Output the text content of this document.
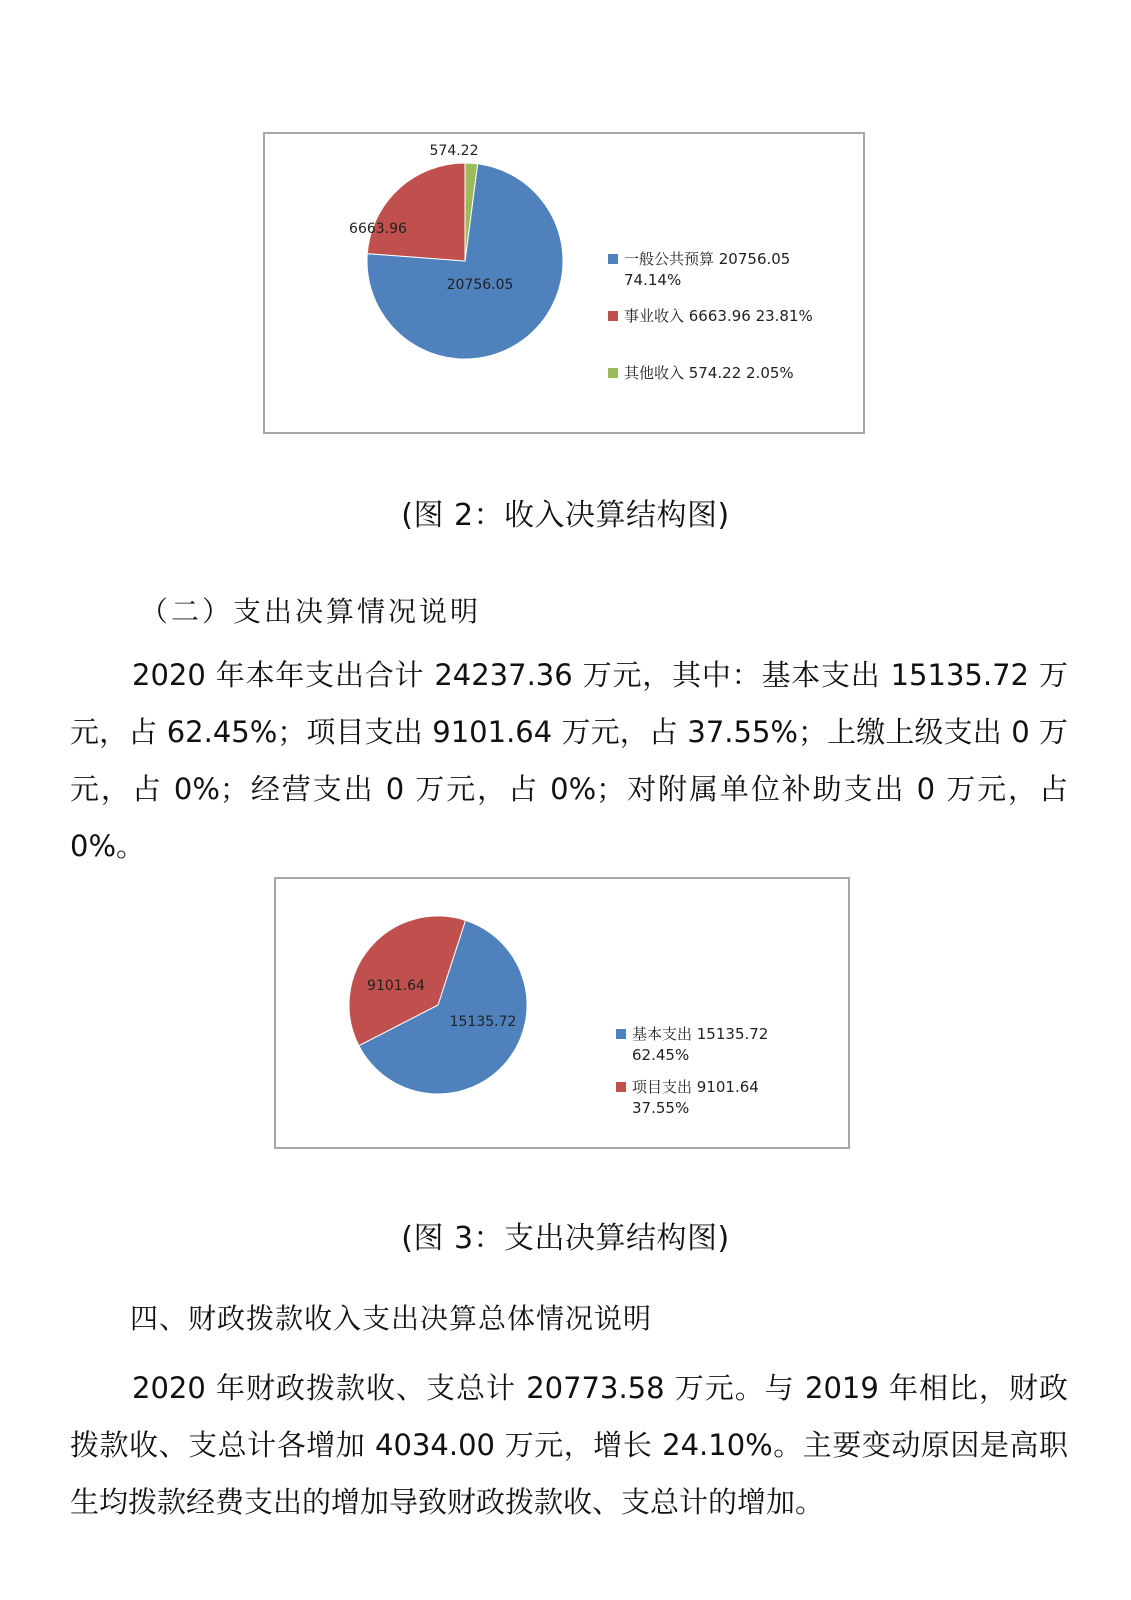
20756.05
6663.96
574.22
一般公共预算 20756.05
74.14%
事业收入 6663.96 23.81%
其他收入 574.22 2.05%
(图 2：收入决算结构图)
（二）支出决算情况说明

2020 年本年支出合计 24237.36 万元，其中：基本支出 15135.72 万元，占 62.45%；项目支出 9101.64 万元，占 37.55%；上缴上级支出 0 万元，占 0%；经营支出 0 万元，占 0%；对附属单位补助支出 0 万元，占 0%。

15135.72
9101.64
基本支出 15135.72
62.45%
项目支出 9101.64
37.55%
(图 3：支出决算结构图)
四、财政拨款收入支出决算总体情况说明

2020 年财政拨款收、支总计 20773.58 万元。与 2019 年相比，财政拨款收、支总计各增加 4034.00 万元，增长 24.10%。主要变动原因是高职生均拨款经费支出的增加导致财政拨款收、支总计的增加。
